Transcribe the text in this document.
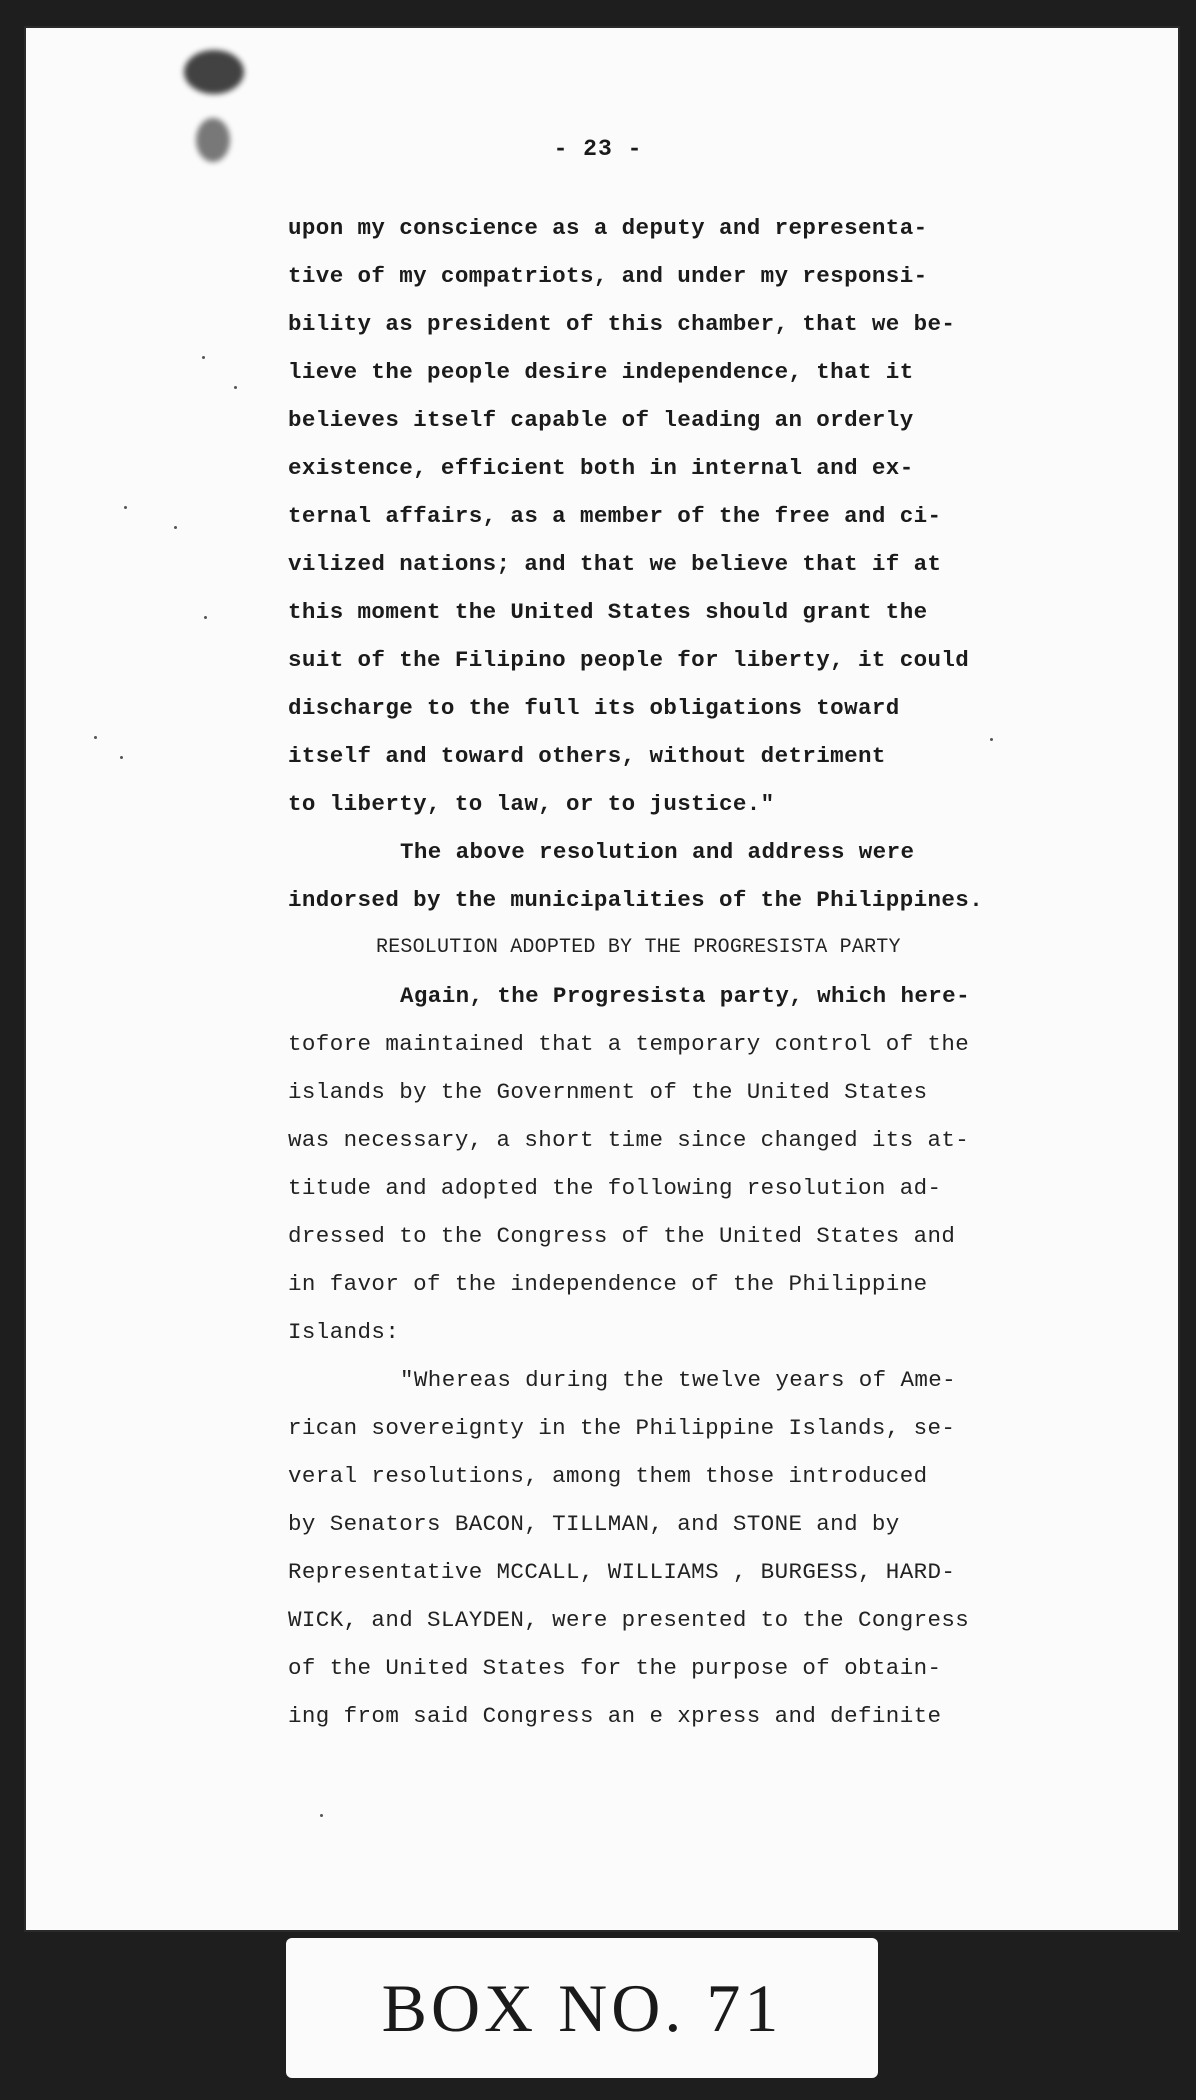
- 23 -
upon my conscience as a deputy and representa-
tive of my compatriots, and under my responsi-
bility as president of this chamber, that we be-
lieve the people desire independence, that it
believes itself capable of leading an orderly
existence, efficient both in internal and ex-
ternal affairs, as a member of the free and ci-
vilized nations; and that we believe that if at
this moment the United States should grant the
suit of the Filipino people for liberty, it could
discharge to the full its obligations toward
itself and toward others, without detriment
to liberty, to law, or to justice."
The above resolution and address were
indorsed by the municipalities of the Philippines.
RESOLUTION ADOPTED BY THE PROGRESISTA PARTY
Again, the Progresista party, which here-
tofore maintained that a temporary control of the
islands by the Government of the United States
was necessary, a short time since changed its at-
titude and adopted the following resolution ad-
dressed to the Congress of the United States and
in favor of the independence of the Philippine
Islands:
"Whereas during the twelve years of Ame-
rican sovereignty in the Philippine Islands, se-
veral resolutions, among them those introduced
by Senators BACON, TILLMAN, and STONE and by
Representative MCCALL, WILLIAMS , BURGESS, HARD-
WICK, and SLAYDEN, were presented to the Congress
of the United States for the purpose of obtain-
ing from said Congress an e xpress and definite
BOX NO. 71
